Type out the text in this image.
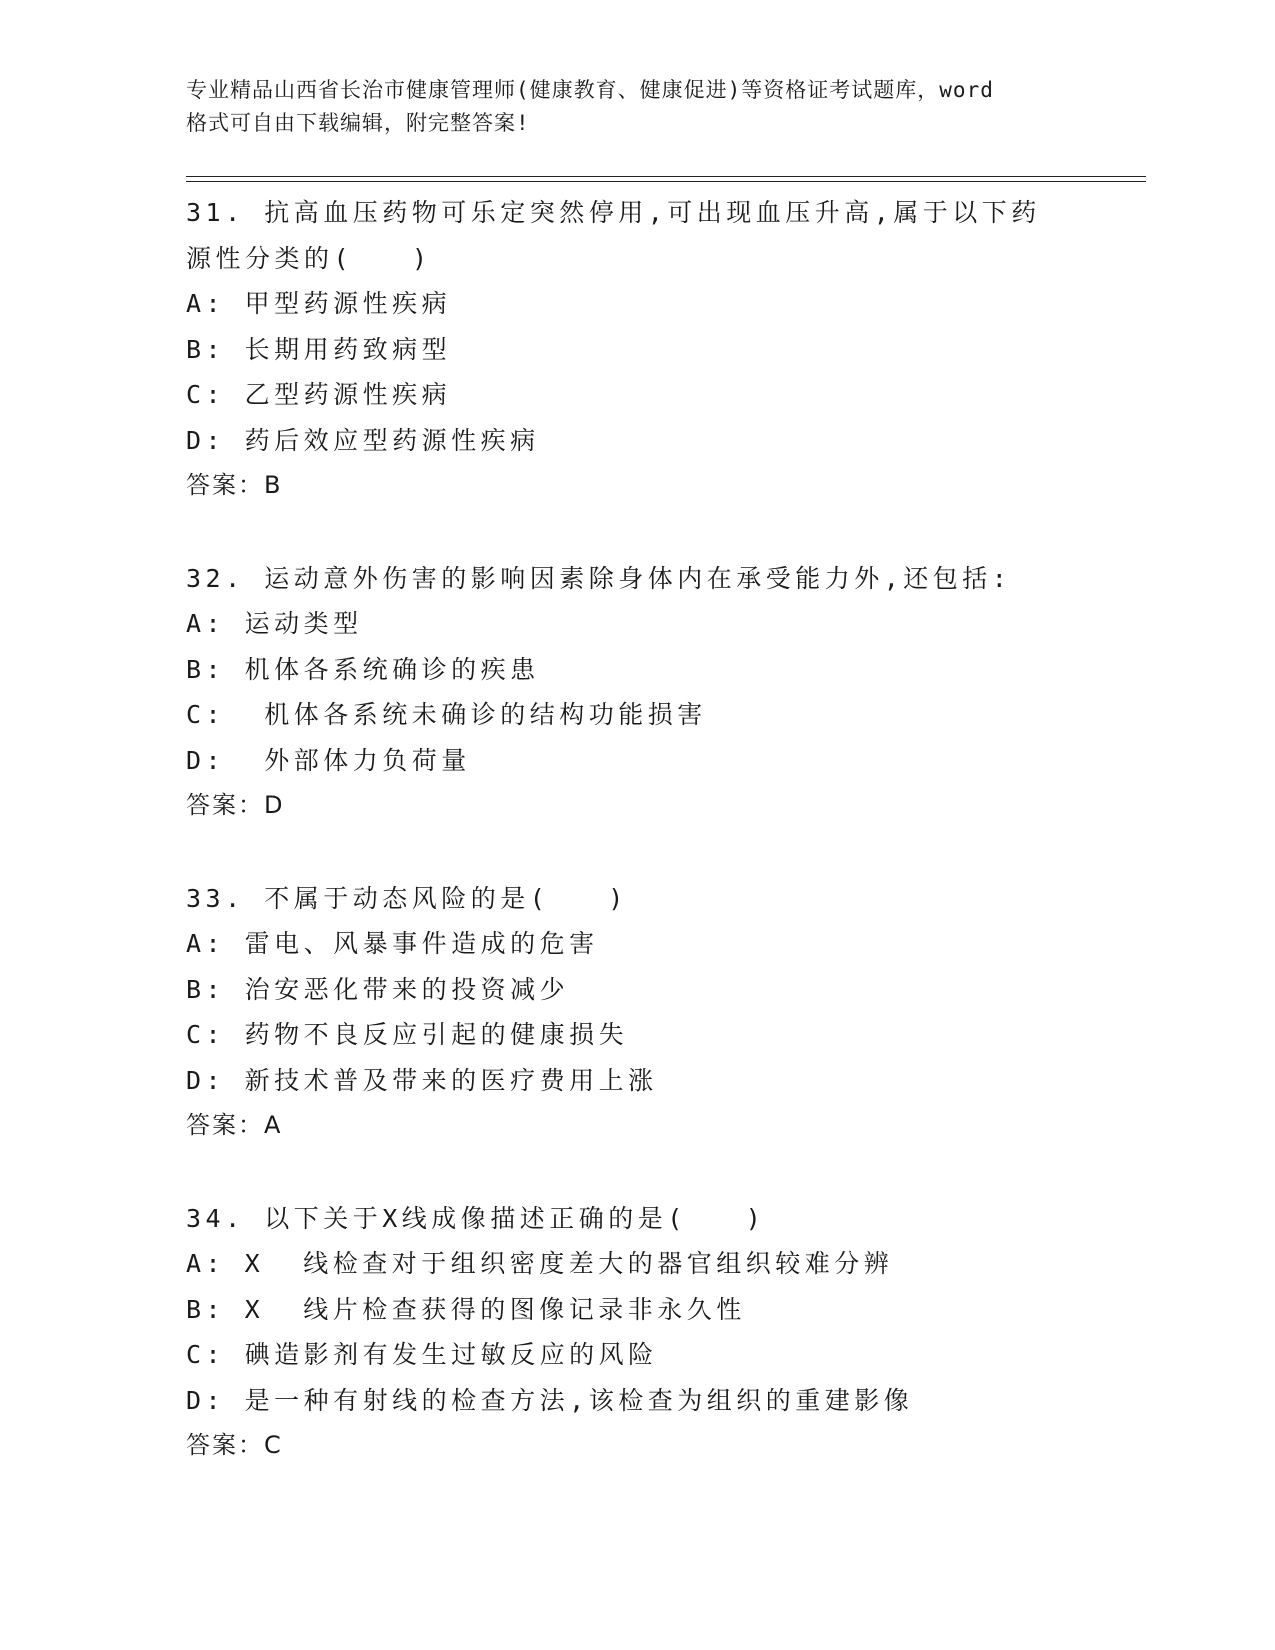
专业精品山西省长治市健康管理师(健康教育、健康促进)等资格证考试题库，word
格式可自由下载编辑，附完整答案!
31. 抗高血压药物可乐定突然停用,可出现血压升高,属于以下药源性分类的(　　)
A: 甲型药源性疾病
B: 长期用药致病型
C: 乙型药源性疾病
D: 药后效应型药源性疾病
答案：B
32. 运动意外伤害的影响因素除身体内在承受能力外,还包括:
A: 运动类型
B: 机体各系统确诊的疾患
C:  机体各系统未确诊的结构功能损害
D:  外部体力负荷量
答案：D
33. 不属于动态风险的是(　　)
A: 雷电、风暴事件造成的危害
B: 治安恶化带来的投资减少
C: 药物不良反应引起的健康损失
D: 新技术普及带来的医疗费用上涨
答案：A
34. 以下关于X线成像描述正确的是(　　)
A: X  线检查对于组织密度差大的器官组织较难分辨
B: X  线片检查获得的图像记录非永久性
C: 碘造影剂有发生过敏反应的风险
D: 是一种有射线的检查方法,该检查为组织的重建影像
答案：C
